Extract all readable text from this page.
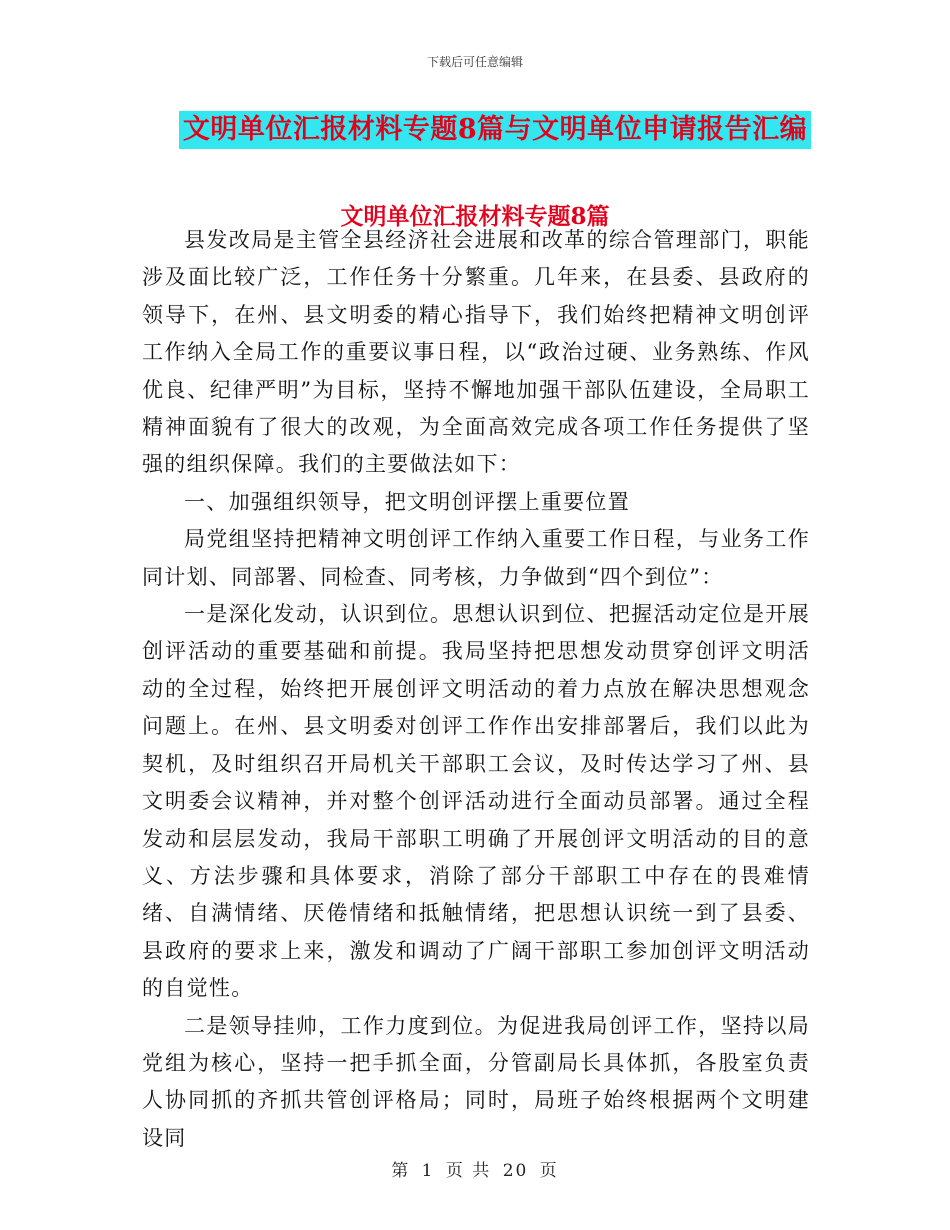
下载后可任意编辑
文明单位汇报材料专题8篇与文明单位申请报告汇编
文明单位汇报材料专题8篇

县发改局是主管全县经济社会进展和改革的综合管理部门，职能涉及面比较广泛，工作任务十分繁重。几年来，在县委、县政府的领导下，在州、县文明委的精心指导下，我们始终把精神文明创评工作纳入全局工作的重要议事日程，以“政治过硬、业务熟练、作风优良、纪律严明”为目标，坚持不懈地加强干部队伍建设，全局职工精神面貌有了很大的改观，为全面高效完成各项工作任务提供了坚强的组织保障。我们的主要做法如下：

一、加强组织领导，把文明创评摆上重要位置

局党组坚持把精神文明创评工作纳入重要工作日程，与业务工作同计划、同部署、同检查、同考核，力争做到“四个到位”：

一是深化发动，认识到位。思想认识到位、把握活动定位是开展创评活动的重要基础和前提。我局坚持把思想发动贯穿创评文明活动的全过程，始终把开展创评文明活动的着力点放在解决思想观念问题上。在州、县文明委对创评工作作出安排部署后，我们以此为契机，及时组织召开局机关干部职工会议，及时传达学习了州、县文明委会议精神，并对整个创评活动进行全面动员部署。通过全程发动和层层发动，我局干部职工明确了开展创评文明活动的目的意义、方法步骤和具体要求，消除了部分干部职工中存在的畏难情绪、自满情绪、厌倦情绪和抵触情绪，把思想认识统一到了县委、县政府的要求上来，激发和调动了广阔干部职工参加创评文明活动的自觉性。

二是领导挂帅，工作力度到位。为促进我局创评工作，坚持以局党组为核心，坚持一把手抓全面，分管副局长具体抓，各股室负责人协同抓的齐抓共管创评格局；同时，局班子始终根据两个文明建设同

第 1 页 共 20 页
